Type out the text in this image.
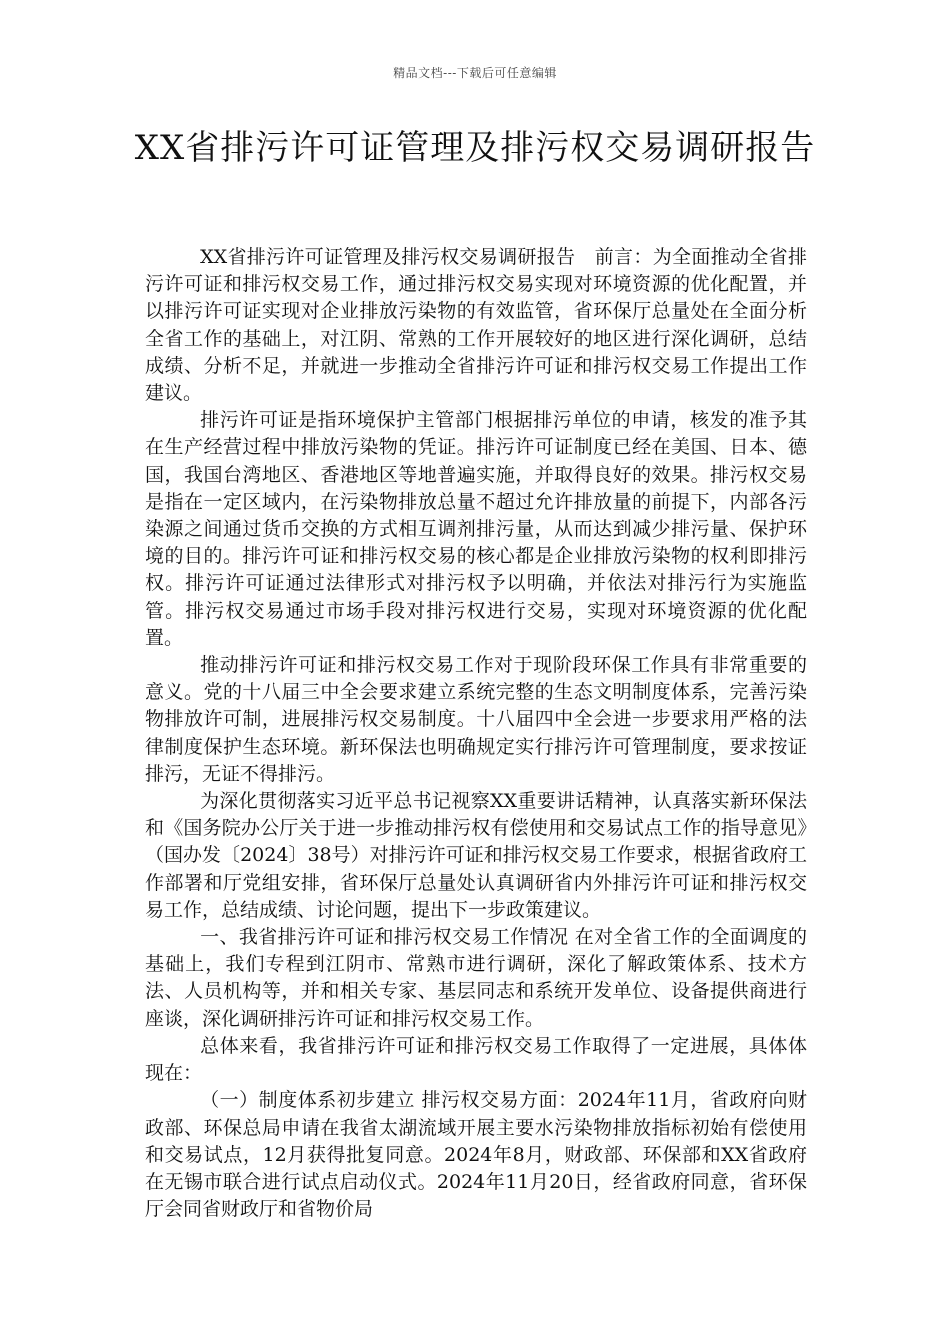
精品文档---下载后可任意编辑
XX省排污许可证管理及排污权交易调研报告

XX省排污许可证管理及排污权交易调研报告　前言：为全面推动全省排污许可证和排污权交易工作，通过排污权交易实现对环境资源的优化配置，并以排污许可证实现对企业排放污染物的有效监管，省环保厅总量处在全面分析全省工作的基础上，对江阴、常熟的工作开展较好的地区进行深化调研，总结成绩、分析不足，并就进一步推动全省排污许可证和排污权交易工作提出工作建议。

排污许可证是指环境保护主管部门根据排污单位的申请，核发的准予其在生产经营过程中排放污染物的凭证。排污许可证制度已经在美国、日本、德国，我国台湾地区、香港地区等地普遍实施，并取得良好的效果。排污权交易是指在一定区域内，在污染物排放总量不超过允许排放量的前提下，内部各污染源之间通过货币交换的方式相互调剂排污量，从而达到减少排污量、保护环境的目的。排污许可证和排污权交易的核心都是企业排放污染物的权利即排污权。排污许可证通过法律形式对排污权予以明确，并依法对排污行为实施监管。排污权交易通过市场手段对排污权进行交易，实现对环境资源的优化配置。

推动排污许可证和排污权交易工作对于现阶段环保工作具有非常重要的意义。党的十八届三中全会要求建立系统完整的生态文明制度体系，完善污染物排放许可制，进展排污权交易制度。十八届四中全会进一步要求用严格的法律制度保护生态环境。新环保法也明确规定实行排污许可管理制度，要求按证排污，无证不得排污。

为深化贯彻落实习近平总书记视察XX重要讲话精神，认真落实新环保法和《国务院办公厅关于进一步推动排污权有偿使用和交易试点工作的指导意见》（国办发〔2024〕38号）对排污许可证和排污权交易工作要求，根据省政府工作部署和厅党组安排，省环保厅总量处认真调研省内外排污许可证和排污权交易工作，总结成绩、讨论问题，提出下一步政策建议。

一、我省排污许可证和排污权交易工作情况 在对全省工作的全面调度的基础上，我们专程到江阴市、常熟市进行调研，深化了解政策体系、技术方法、人员机构等，并和相关专家、基层同志和系统开发单位、设备提供商进行座谈，深化调研排污许可证和排污权交易工作。

总体来看，我省排污许可证和排污权交易工作取得了一定进展，具体体现在：

（一）制度体系初步建立 排污权交易方面：2024年11月，省政府向财政部、环保总局申请在我省太湖流域开展主要水污染物排放指标初始有偿使用和交易试点，12月获得批复同意。2024年8月，财政部、环保部和XX省政府在无锡市联合进行试点启动仪式。2024年11月20日，经省政府同意，省环保厅会同省财政厅和省物价局
